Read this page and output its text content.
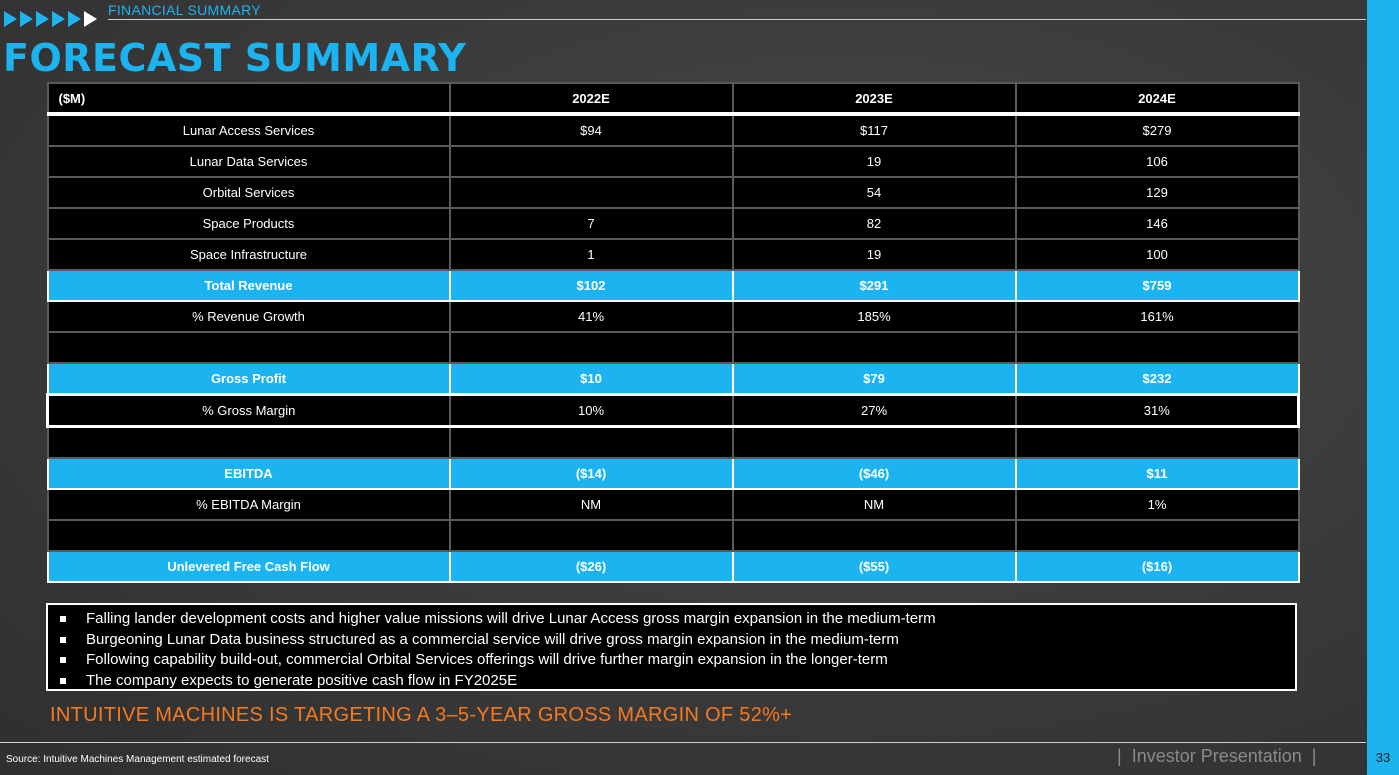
33
FINANCIAL SUMMARY
FORECAST SUMMARY
($M)	2022E	2023E	2024E
Lunar Access Services	$94	$117	$279
Lunar Data Services		19	106
Orbital Services		54	129
Space Products	7	82	146
Space Infrastructure	1	19	100
Total Revenue	$102	$291	$759
% Revenue Growth	41%	185%	161%

Gross Profit	$10	$79	$232
% Gross Margin	10%	27%	31%

EBITDA	($14)	($46)	$11
% EBITDA Margin	NM	NM	1%

Unlevered Free Cash Flow	($26)	($55)	($16)
Falling lander development costs and higher value missions will drive Lunar Access gross margin expansion in the medium-term
Burgeoning Lunar Data business structured as a commercial service will drive gross margin expansion in the medium-term
Following capability build-out, commercial Orbital Services offerings will drive further margin expansion in the longer-term
The company expects to generate positive cash flow in FY2025E
INTUITIVE MACHINES IS TARGETING A 3–5-YEAR GROSS MARGIN OF 52%+
Source: Intuitive Machines Management estimated forecast	| Investor Presentation |
